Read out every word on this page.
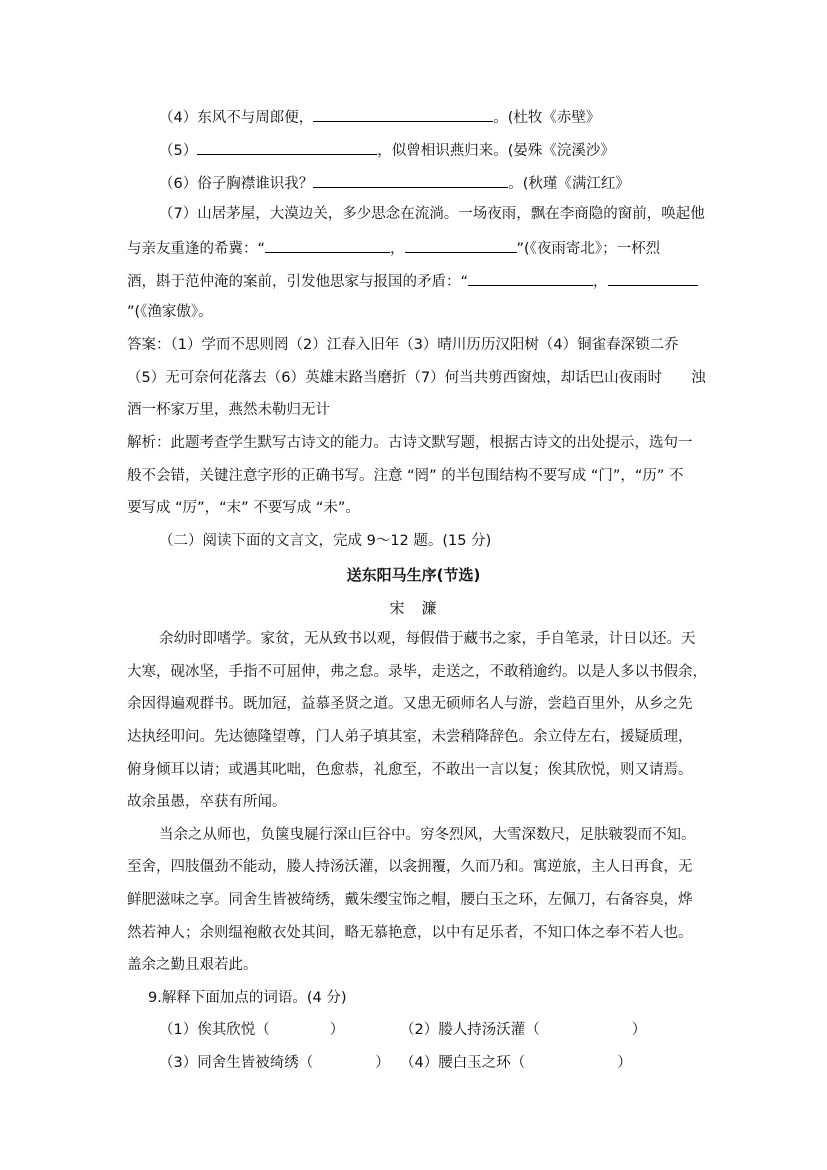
（4）东风不与周郎便，	。(杜牧《赤壁》
（5）	，似曾相识燕归来。(晏殊《浣溪沙》
（6）俗子胸襟谁识我？	。(秋瑾《满江红》
（7）山居茅屋，大漠边关，多少思念在流淌。一场夜雨，飘在李商隐的窗前，唤起他
与亲友重逢的希冀：“	，	”(《夜雨寄北》；一杯烈
酒，斟于范仲淹的案前，引发他思家与报国的矛盾：“	，
”(《渔家傲》。
答案：（1）学而不思则罔（2）江春入旧年（3）晴川历历汉阳树（4）铜雀春深锁二乔
（5）无可奈何花落去（6）英雄末路当磨折（7）何当共剪西窗烛，却话巴山夜雨时　　浊
酒一杯家万里，燕然未勒归无计
解析：此题考查学生默写古诗文的能力。古诗文默写题，根据古诗文的出处提示，选句一
般不会错，关键注意字形的正确书写。注意 “罔” 的半包围结构不要写成 “门”，“历” 不
要写成 “厉”，“末” 不要写成 “未”。
（二）阅读下面的文言文，完成 9～12 题。(15 分)
送东阳马生序(节选)
宋　濂
余幼时即嗜学。家贫，无从致书以观，每假借于藏书之家，手自笔录，计日以还。天
大寒，砚冰坚，手指不可屈伸，弗之怠。录毕，走送之，不敢稍逾约。以是人多以书假余，
余因得遍观群书。既加冠，益慕圣贤之道。又患无硕师名人与游，尝趋百里外，从乡之先
达执经叩问。先达德隆望尊，门人弟子填其室，未尝稍降辞色。余立侍左右，援疑质理，
俯身倾耳以请；或遇其叱咄，色愈恭，礼愈至，不敢出一言以复；俟其欣悦，则又请焉。
故余虽愚，卒获有所闻。
当余之从师也，负箧曳屣行深山巨谷中。穷冬烈风，大雪深数尺，足肤皲裂而不知。
至舍，四肢僵劲不能动，媵人持汤沃灌，以衾拥覆，久而乃和。寓逆旅，主人日再食，无
鲜肥滋味之享。同舍生皆被绮绣，戴朱缨宝饰之帽，腰白玉之环，左佩刀，右备容臭，烨
然若神人；余则缊袍敝衣处其间，略无慕艳意，以中有足乐者，不知口体之奉不若人也。
盖余之勤且艰若此。
9.解释下面加点的词语。(4 分)
（1）俟其欣悦（	）	（2）媵人持汤沃灌（	）
（3）同舍生皆被绮绣（	） （4）腰白玉之环（	）
